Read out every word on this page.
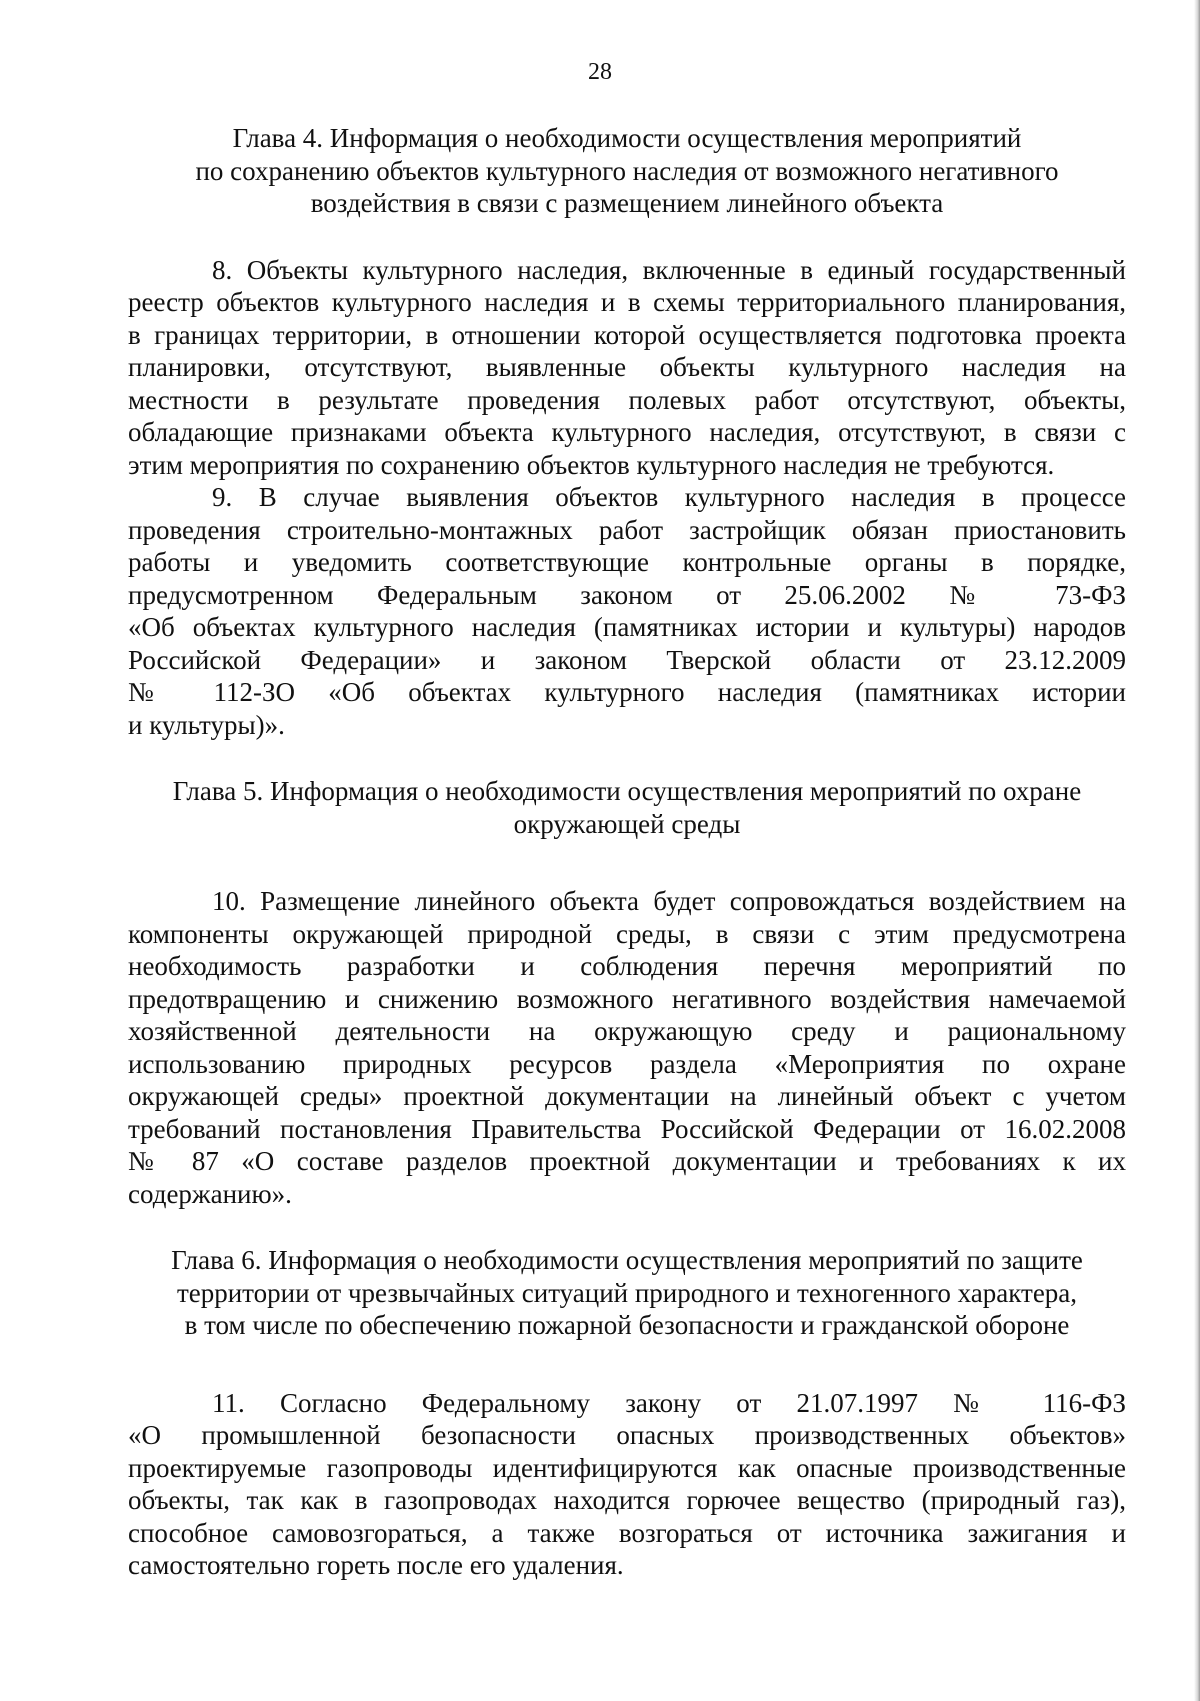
28
Глава 4. Информация о необходимости осуществления мероприятий
по сохранению объектов культурного наследия от возможного негативного
воздействия в связи с размещением линейного объекта
8. Объекты культурного наследия, включенные в единый государственный
реестр объектов культурного наследия и в схемы территориального планирования,
в границах территории, в отношении которой осуществляется подготовка проекта
планировки, отсутствуют, выявленные объекты культурного наследия на
местности в результате проведения полевых работ отсутствуют, объекты,
обладающие признаками объекта культурного наследия, отсутствуют, в связи с
этим мероприятия по сохранению объектов культурного наследия не требуются.
9. В случае выявления объектов культурного наследия в процессе
проведения строительно-монтажных работ застройщик обязан приостановить
работы и уведомить соответствующие контрольные органы в порядке,
предусмотренном Федеральным законом от 25.06.2002 № 73-ФЗ
«Об объектах культурного наследия (памятниках истории и культуры) народов
Российской Федерации» и законом Тверской области от 23.12.2009
№ 112-ЗО «Об объектах культурного наследия (памятниках истории
и культуры)».
Глава 5. Информация о необходимости осуществления мероприятий по охране
окружающей среды
10. Размещение линейного объекта будет сопровождаться воздействием на
компоненты окружающей природной среды, в связи с этим предусмотрена
необходимость разработки и соблюдения перечня мероприятий по
предотвращению и снижению возможного негативного воздействия намечаемой
хозяйственной деятельности на окружающую среду и рациональному
использованию природных ресурсов раздела «Мероприятия по охране
окружающей среды» проектной документации на линейный объект с учетом
требований постановления Правительства Российской Федерации от 16.02.2008
№ 87 «О составе разделов проектной документации и требованиях к их
содержанию».
Глава 6. Информация о необходимости осуществления мероприятий по защите
территории от чрезвычайных ситуаций природного и техногенного характера,
в том числе по обеспечению пожарной безопасности и гражданской обороне
11. Согласно Федеральному закону от 21.07.1997 № 116-ФЗ
«О промышленной безопасности опасных производственных объектов»
проектируемые газопроводы идентифицируются как опасные производственные
объекты, так как в газопроводах находится горючее вещество (природный газ),
способное самовозгораться, а также возгораться от источника зажигания и
самостоятельно гореть после его удаления.
